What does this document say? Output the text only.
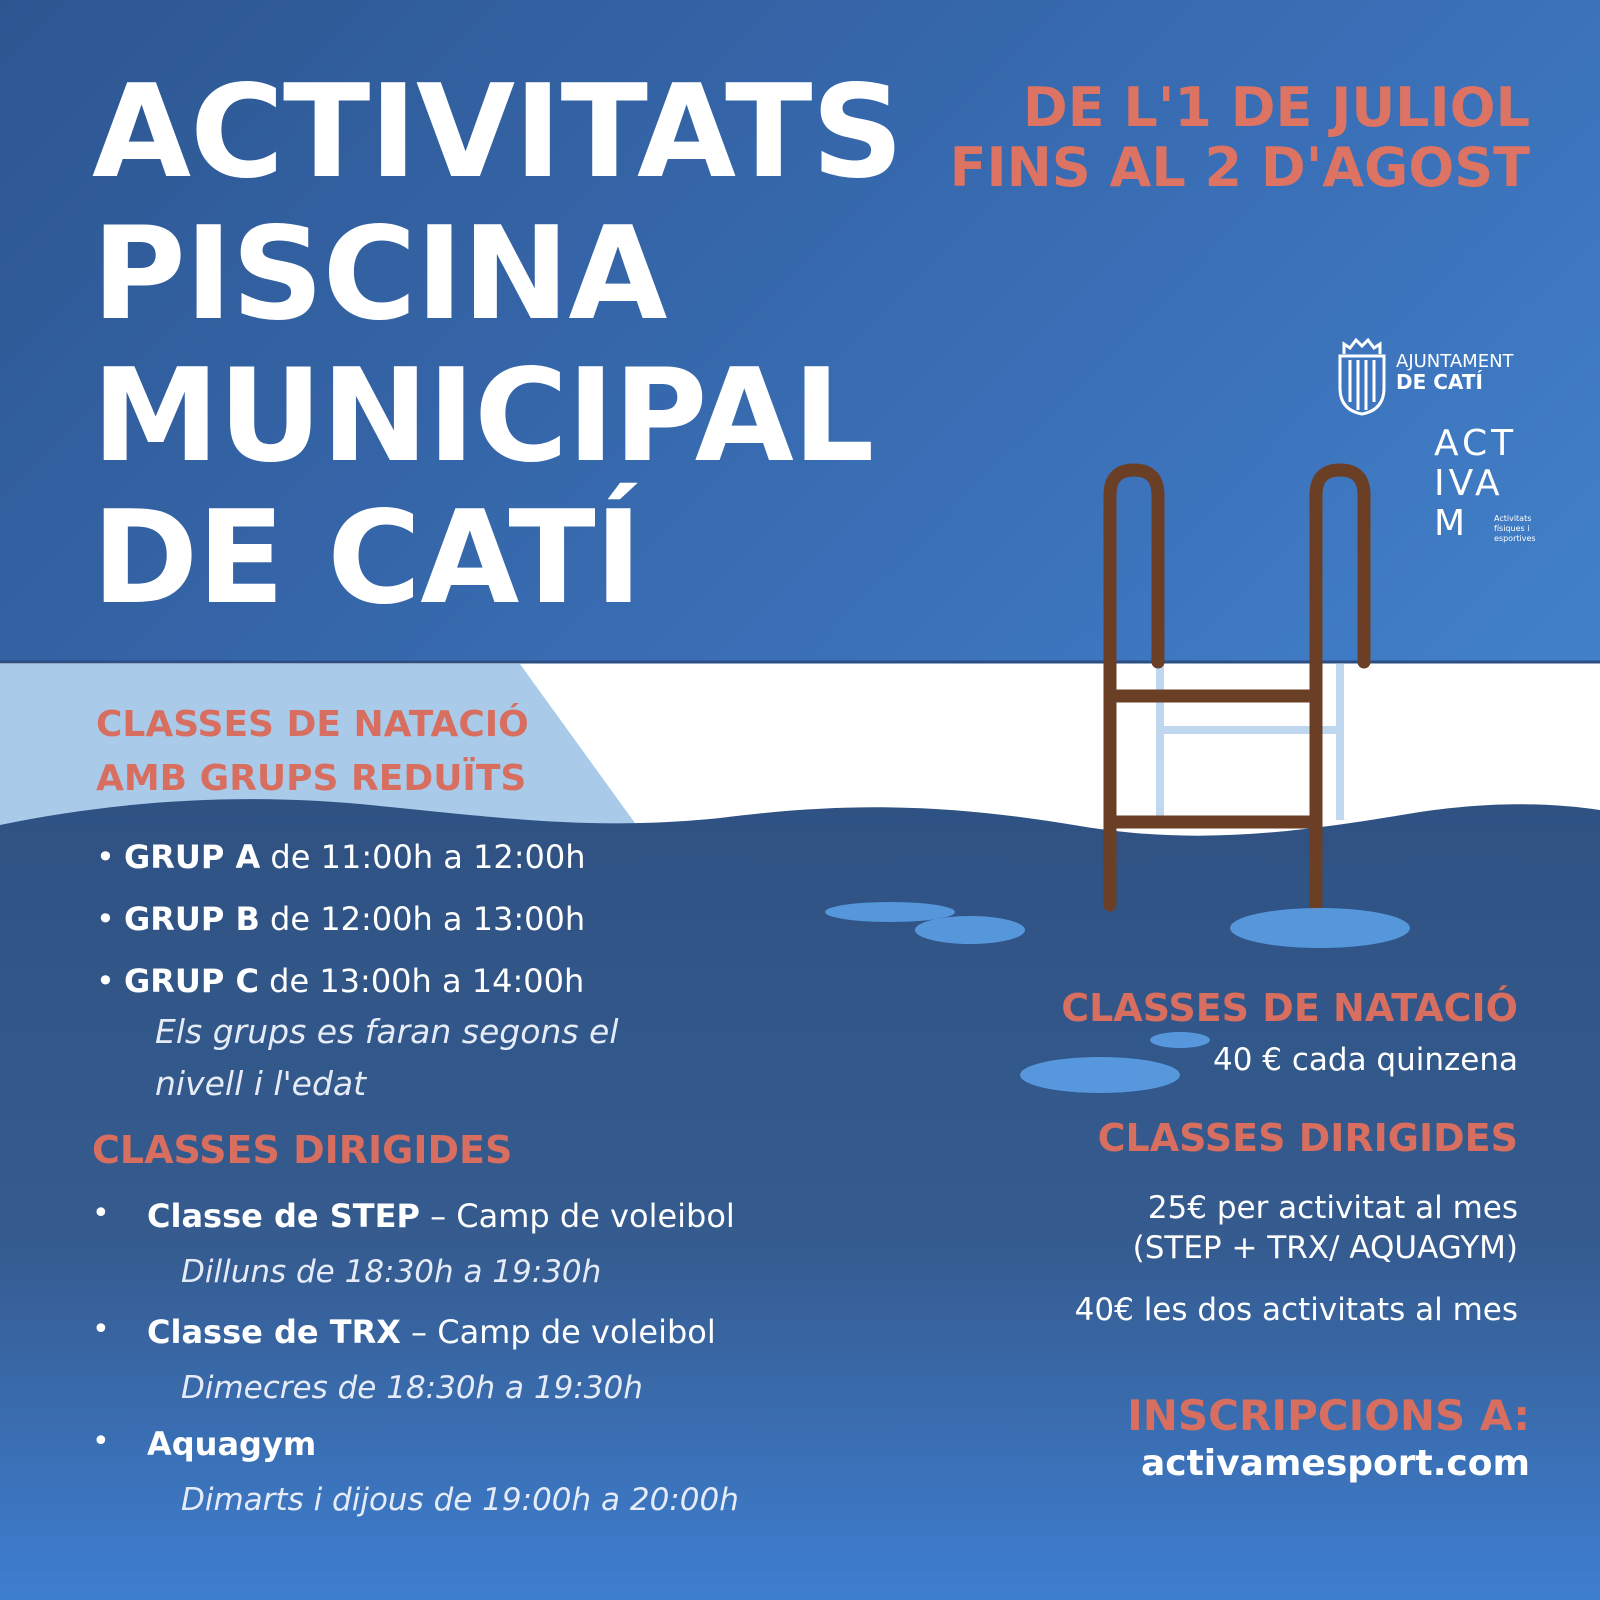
ACTIVITATS
PISCINA
MUNICIPAL
DE CATÍ
DE L'1 DE JULIOL
FINS AL 2 D'AGOST
AJUNTAMENT
DE CATÍ
ACT
IVA
M	Activitats
físiques i
esportives
CLASSES DE NATACIÓ
AMB GRUPS REDUÏTS
• GRUP A de 11:00h a 12:00h
• GRUP B de 12:00h a 13:00h
• GRUP C de 13:00h a 14:00h
Els grups es faran segons el
nivell i l'edat
CLASSES DIRIGIDES
• Classe de STEP – Camp de voleibol
Dilluns de 18:30h a 19:30h
• Classe de TRX – Camp de voleibol
Dimecres de 18:30h a 19:30h
• Aquagym
Dimarts i dijous de 19:00h a 20:00h
CLASSES DE NATACIÓ
40 € cada quinzena
CLASSES DIRIGIDES
25€ per activitat al mes
(STEP + TRX/ AQUAGYM)
40€ les dos activitats al mes
INSCRIPCIONS A:
activamesport.com
